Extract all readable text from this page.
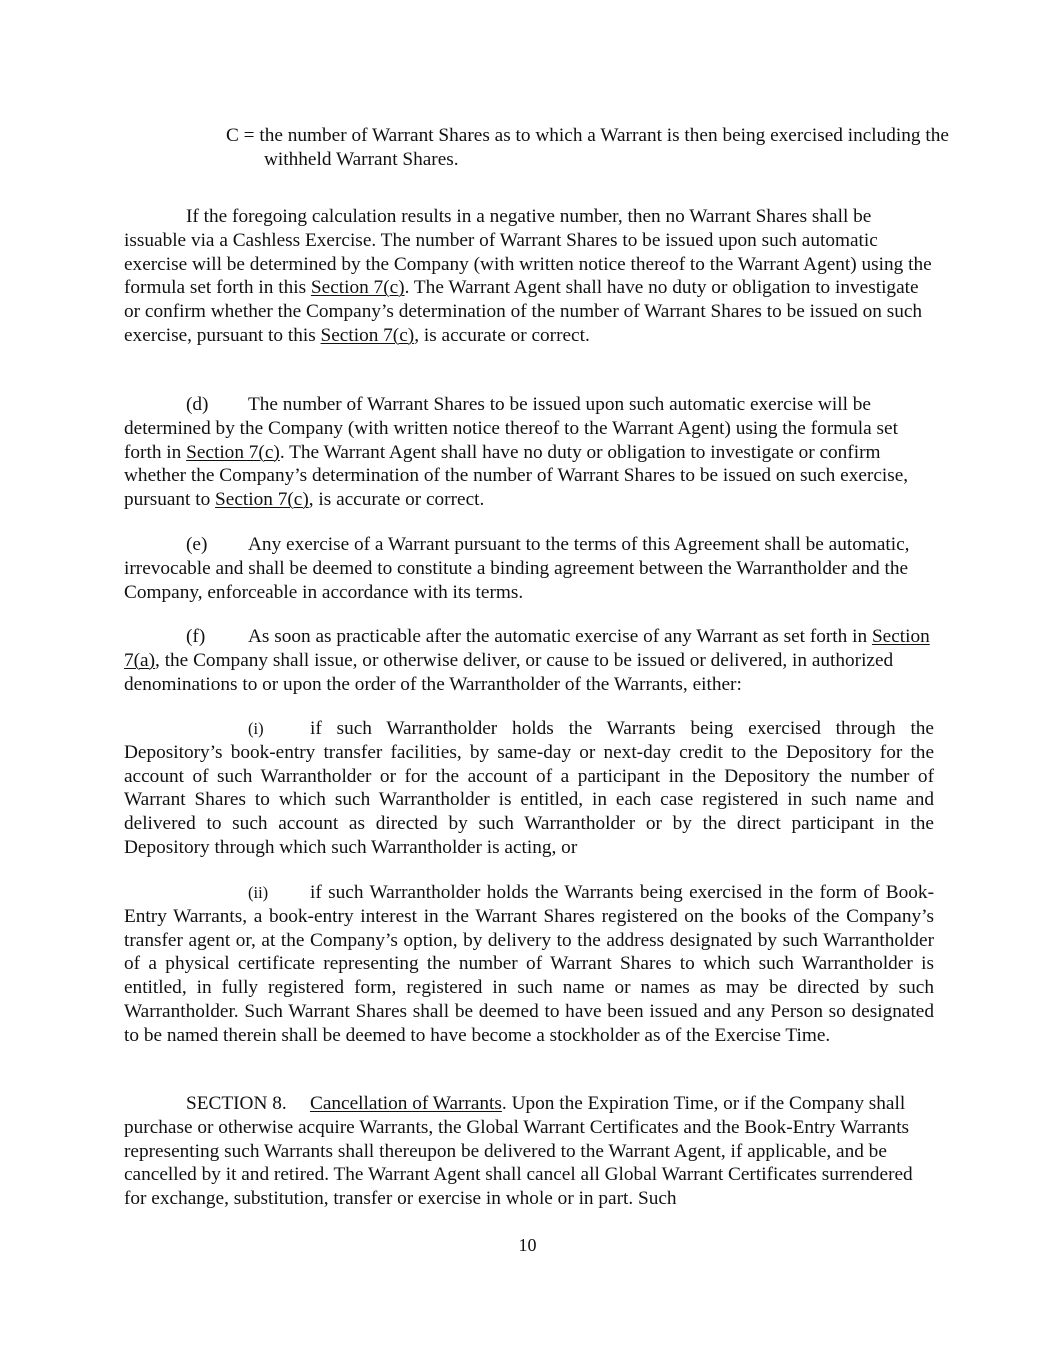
C = the number of Warrant Shares as to which a Warrant is then being exercised including the withheld Warrant Shares.

If the foregoing calculation results in a negative number, then no Warrant Shares shall be issuable via a Cashless Exercise. The number of Warrant Shares to be issued upon such automatic exercise will be determined by the Company (with written notice thereof to the Warrant Agent) using the formula set forth in this Section 7(c). The Warrant Agent shall have no duty or obligation to investigate or confirm whether the Company’s determination of the number of Warrant Shares to be issued on such exercise, pursuant to this Section 7(c), is accurate or correct.

(d) The number of Warrant Shares to be issued upon such automatic exercise will be determined by the Company (with written notice thereof to the Warrant Agent) using the formula set forth in Section 7(c). The Warrant Agent shall have no duty or obligation to investigate or confirm whether the Company’s determination of the number of Warrant Shares to be issued on such exercise, pursuant to Section 7(c), is accurate or correct.

(e) Any exercise of a Warrant pursuant to the terms of this Agreement shall be automatic, irrevocable and shall be deemed to constitute a binding agreement between the Warrantholder and the Company, enforceable in accordance with its terms.

(f) As soon as practicable after the automatic exercise of any Warrant as set forth in Section 7(a), the Company shall issue, or otherwise deliver, or cause to be issued or delivered, in authorized denominations to or upon the order of the Warrantholder of the Warrants, either:

(i) if such Warrantholder holds the Warrants being exercised through the Depository’s book-entry transfer facilities, by same-day or next-day credit to the Depository for the account of such Warrantholder or for the account of a participant in the Depository the number of Warrant Shares to which such Warrantholder is entitled, in each case registered in such name and delivered to such account as directed by such Warrantholder or by the direct participant in the Depository through which such Warrantholder is acting, or

(ii) if such Warrantholder holds the Warrants being exercised in the form of Book-Entry Warrants, a book-entry interest in the Warrant Shares registered on the books of the Company’s transfer agent or, at the Company’s option, by delivery to the address designated by such Warrantholder of a physical certificate representing the number of Warrant Shares to which such Warrantholder is entitled, in fully registered form, registered in such name or names as may be directed by such Warrantholder. Such Warrant Shares shall be deemed to have been issued and any Person so designated to be named therein shall be deemed to have become a stockholder as of the Exercise Time.

SECTION 8. Cancellation of Warrants. Upon the Expiration Time, or if the Company shall purchase or otherwise acquire Warrants, the Global Warrant Certificates and the Book-Entry Warrants representing such Warrants shall thereupon be delivered to the Warrant Agent, if applicable, and be cancelled by it and retired. The Warrant Agent shall cancel all Global Warrant Certificates surrendered for exchange, substitution, transfer or exercise in whole or in part. Such

10
